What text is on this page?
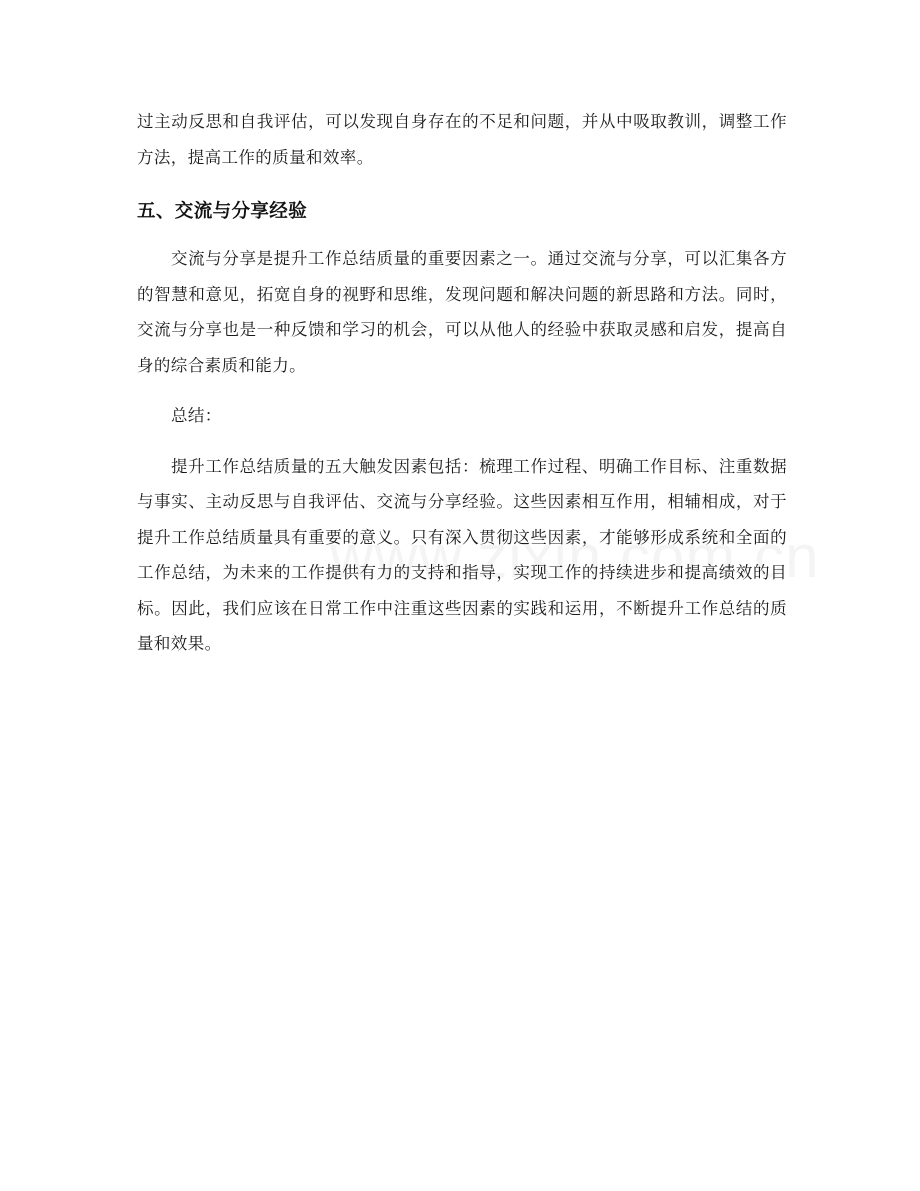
过主动反思和自我评估，可以发现自身存在的不足和问题，并从中吸取教训，调整工作方法，提高工作的质量和效率。

五、交流与分享经验

交流与分享是提升工作总结质量的重要因素之一。通过交流与分享，可以汇集各方的智慧和意见，拓宽自身的视野和思维，发现问题和解决问题的新思路和方法。同时，交流与分享也是一种反馈和学习的机会，可以从他人的经验中获取灵感和启发，提高自身的综合素质和能力。

总结：

提升工作总结质量的五大触发因素包括：梳理工作过程、明确工作目标、注重数据与事实、主动反思与自我评估、交流与分享经验。这些因素相互作用，相辅相成，对于提升工作总结质量具有重要的意义。只有深入贯彻这些因素，才能够形成系统和全面的工作总结，为未来的工作提供有力的支持和指导，实现工作的持续进步和提高绩效的目标。因此，我们应该在日常工作中注重这些因素的实践和运用，不断提升工作总结的质量和效果。
